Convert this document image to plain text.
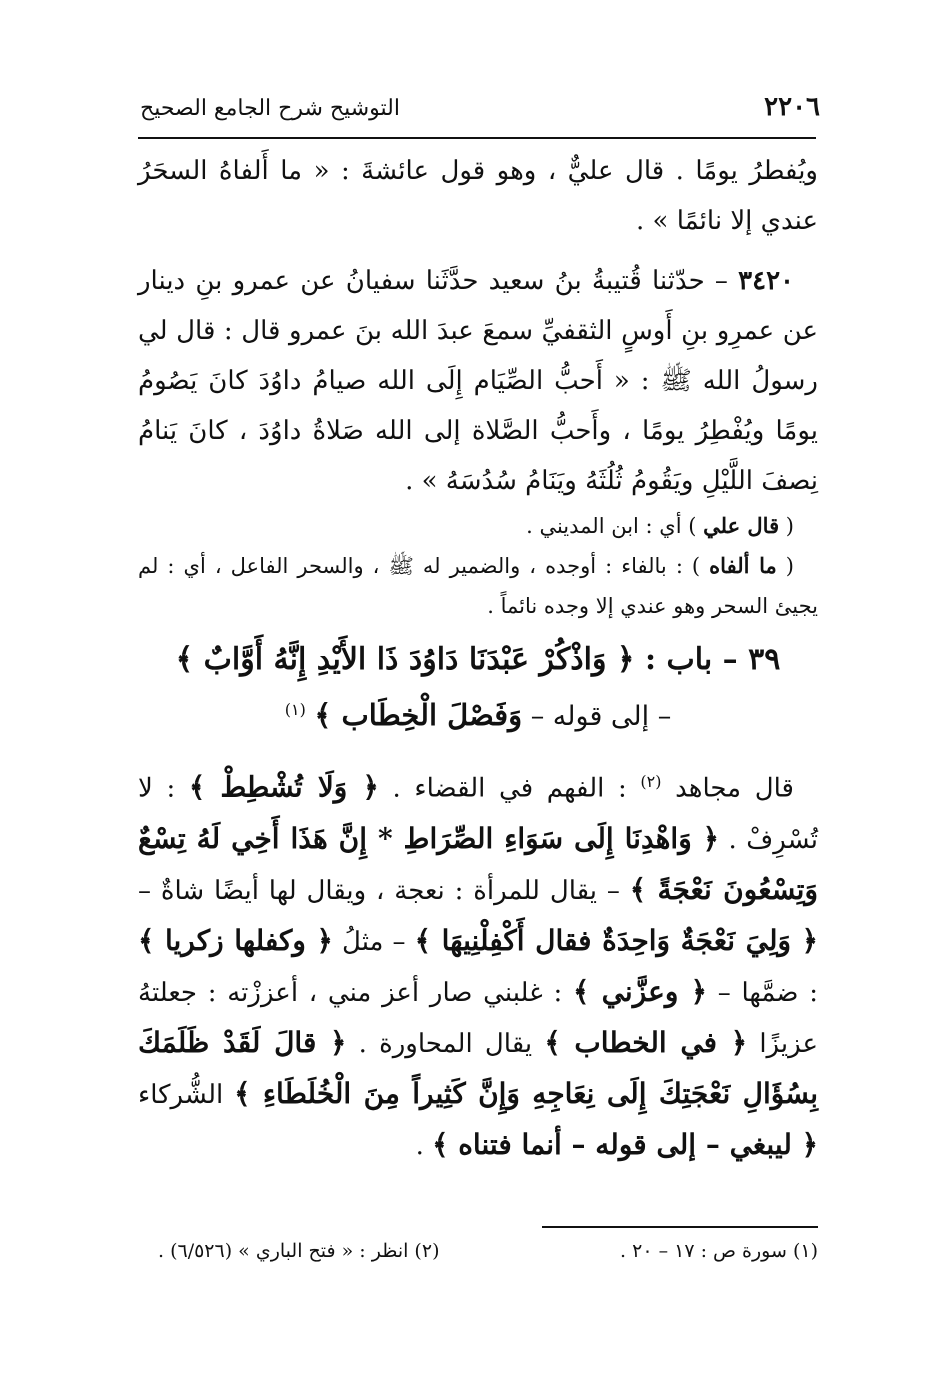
٢٢٠٦
التوشيح شرح الجامع الصحيح

ويُفطرُ يومًا . قال عليٌّ ، وهو قول عائشةَ : « ما أَلفاهُ السحَرُ عندي إلا نائمًا » .

٣٤٢٠ – حدّثنا قُتيبةُ بنُ سعيد حدَّثَنا سفيانُ عن عمرو بنِ دينار عن عمرِو بنِ أَوسٍ الثقفيِّ سمعَ عبدَ الله بنَ عمرو قال : قال لي رسولُ الله ﷺ : « أَحبُّ الصِّيَام إِلَى الله صيامُ داوُدَ كانَ يَصُومُ يومًا ويُفْطِرُ يومًا ، وأَحبُّ الصَّلاة إلى الله صَلاةُ داوُدَ ، كانَ يَنامُ نِصفَ اللَّيْلِ ويَقُومُ ثُلُثَهُ ويَنَامُ سُدُسَهُ » .

( قال علي ) أي : ابن المديني .

( ما ألفاه ) : بالفاء : أوجده ، والضمير له ﷺ ، والسحر الفاعل ، أي : لم يجيئ السحر وهو عندي إلا وجده نائماً .

٣٩ – باب : ﴿ وَاذْكُرْ عَبْدَنَا دَاوُدَ ذَا الأَيْدِ إِنَّهُ أَوَّابٌ ﴾
– إلى قوله – وَفَصْلَ الْخِطَاب ﴾ $^{(١)}$

قال مجاهد $^{(٢)}$ : الفهم في القضاء . ﴿ وَلَا تُشْطِطْ ﴾ : لا تُسْرِفْ . ﴿ وَاهْدِنَا إِلَى سَوَاءِ الصِّرَاطِ * إِنَّ هَذَا أَخِي لَهُ تِسْعٌ وَتِسْعُونَ نَعْجَةً ﴾ – يقال للمرأة : نعجة ، ويقال لها أيضًا شاةٌ – ﴿ وَلِيَ نَعْجَةٌ وَاحِدَةٌ فقال أَكْفِلْنِيهَا ﴾ – مثلُ ﴿ وكفلها زكريا ﴾ : ضمَّها – ﴿ وعزَّني ﴾ : غلبني صار أعز مني ، أعززْته : جعلتهُ عزيزًا ﴿ في الخطاب ﴾ يقال المحاورة . ﴿ قالَ لَقَدْ ظَلَمَكَ بِسُؤَالِ نَعْجَتِكَ إِلَى نِعَاجِهِ وَإِنَّ كَثِيراً مِنَ الْخُلَطَاءِ ﴾ الشُّركاء ﴿ ليبغي – إلى قوله – أنما فتناه ﴾ .

(١) سورة ص : ١٧ – ٢٠ .
(٢) انظر : « فتح الباري » (٦/٥٢٦) .
